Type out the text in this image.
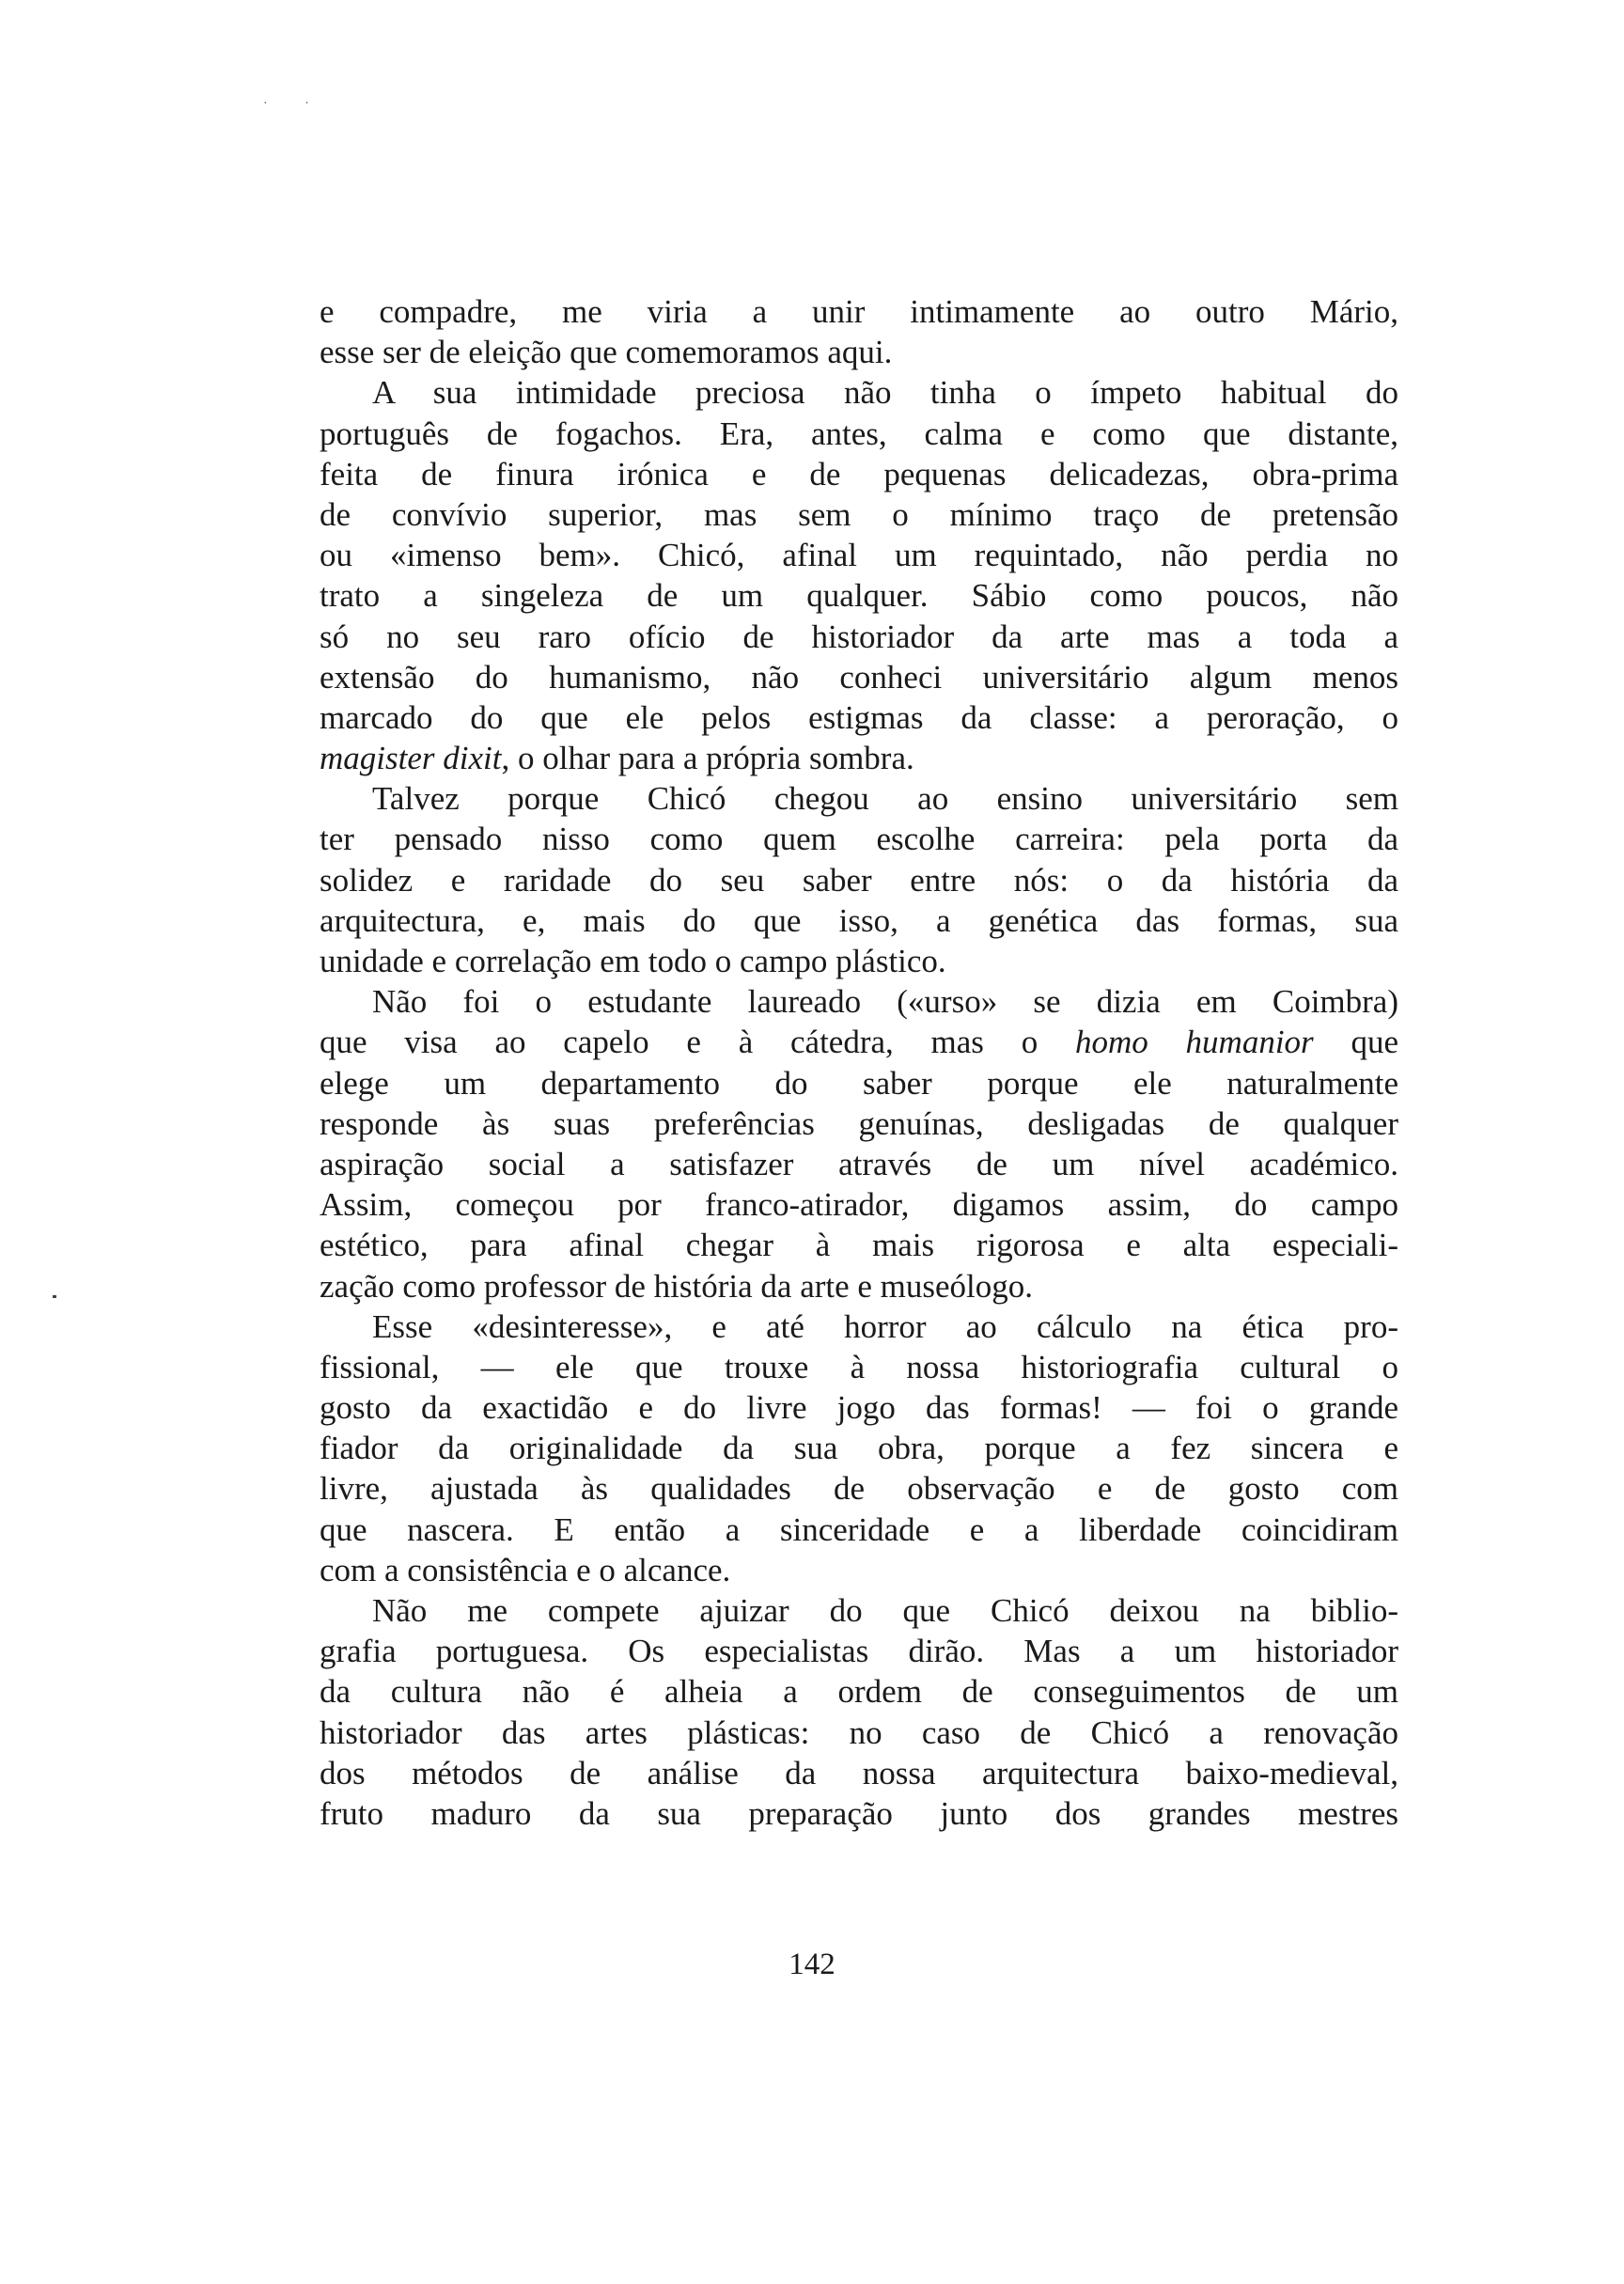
· ·
e compadre, me viria a unir intimamente ao outro Mário,
esse ser de eleição que comemoramos aqui.
A sua intimidade preciosa não tinha o ímpeto habitual do
português de fogachos. Era, antes, calma e como que distante,
feita de finura irónica e de pequenas delicadezas, obra-prima
de convívio superior, mas sem o mínimo traço de pretensão
ou «imenso bem». Chicó, afinal um requintado, não perdia no
trato a singeleza de um qualquer. Sábio como poucos, não
só no seu raro ofício de historiador da arte mas a toda a
extensão do humanismo, não conheci universitário algum menos
marcado do que ele pelos estigmas da classe: a peroração, o
magister dixit, o olhar para a própria sombra.
Talvez porque Chicó chegou ao ensino universitário sem
ter pensado nisso como quem escolhe carreira: pela porta da
solidez e raridade do seu saber entre nós: o da história da
arquitectura, e, mais do que isso, a genética das formas, sua
unidade e correlação em todo o campo plástico.
Não foi o estudante laureado («urso» se dizia em Coimbra)
que visa ao capelo e à cátedra, mas o homo humanior que
elege um departamento do saber porque ele naturalmente
responde às suas preferências genuínas, desligadas de qualquer
aspiração social a satisfazer através de um nível académico.
Assim, começou por franco-atirador, digamos assim, do campo
estético, para afinal chegar à mais rigorosa e alta especiali-
zação como professor de história da arte e museólogo.
Esse «desinteresse», e até horror ao cálculo na ética pro-
fissional, — ele que trouxe à nossa historiografia cultural o
gosto da exactidão e do livre jogo das formas! — foi o grande
fiador da originalidade da sua obra, porque a fez sincera e
livre, ajustada às qualidades de observação e de gosto com
que nascera. E então a sinceridade e a liberdade coincidiram
com a consistência e o alcance.
Não me compete ajuizar do que Chicó deixou na biblio-
grafia portuguesa. Os especialistas dirão. Mas a um historiador
da cultura não é alheia a ordem de conseguimentos de um
historiador das artes plásticas: no caso de Chicó a renovação
dos métodos de análise da nossa arquitectura baixo-medieval,
fruto maduro da sua preparação junto dos grandes mestres
142
